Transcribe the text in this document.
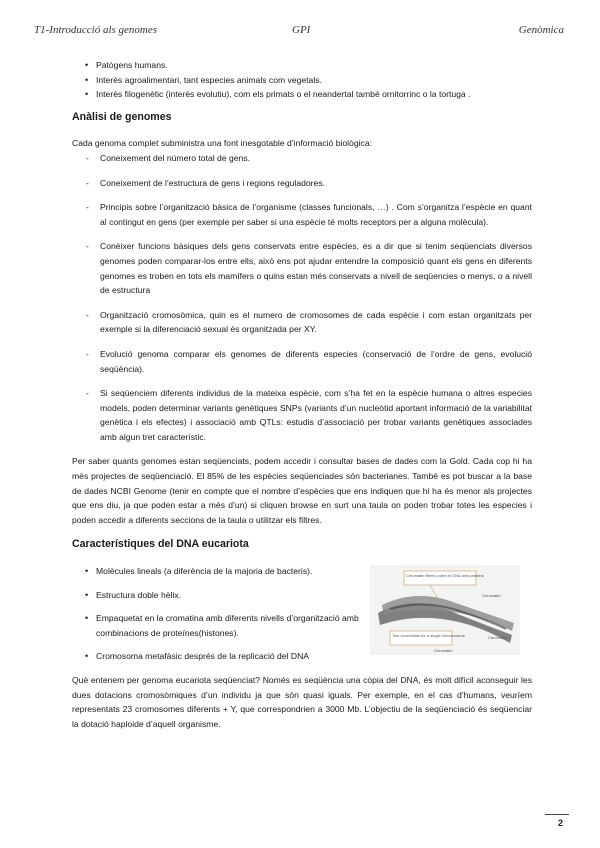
T1-Introducció als genomes	GPI	Genòmica
• Patògens humans.
• Interès agroalimentari, tant especies animals com vegetals.
• Interès filogenètic (interès evolutiu), com els primats o el neandertal també ornitorrinc o la tortuga .
Anàlisi de genomes

Cada genoma complet subministra una font inesgotable d’informació biològica:

- Coneixement del número total de gens.
- Coneixement de l’estructura de gens i regions reguladores.
- Principis sobre l’organització bàsica de l’organisme (classes funcionals, …) . Com s’organitza l’espècie en quant al contingut en gens (per exemple per saber si una espècie té molts receptors per a alguna molècula).
- Conèixer funcions bàsiques dels gens conservats entre espècies, es a dir que si tenim seqüenciats diversos genomes poden comparar-los entre ells, això ens pot ajudar entendre la composició quant els gens en diferents genomes es troben en tots els mamífers o quins estan més conservats a nivell de seqüencies o menys, o a nivell de estructura
- Organització cromosòmica, quin es el numero de cromosomes de cada espècie i com estan organitzats per exemple si la diferenciació sexual és organitzada per XY.
- Evolució genoma comparar els genomes de diferents especies (conservació de l’ordre de gens, evolució seqüència).
- Si seqüenciem diferents individus de la mateixa espècie, com s’ha fet en la espècie humana o altres especies models, poden determinar variants genètiques SNPs (variants d’un nucleòtid aportant informació de la variabilitat genètica i els efectes) i associació amb QTLs: estudis d’associació per trobar variants genètiques associades amb algun tret característic.

Per saber quants genomes estan seqüenciats, podem accedir i consultar bases de dades com la Gold. Cada cop hi ha més projectes de seqüenciació. El 85% de les espècies seqüenciades són bacterianes. També es pot buscar a la base de dades NCBI Genome (tenir en compte que el nombre d’espècies que ens indiquen que hi ha és menor als projectes que ens diu, ja que poden estar a més d’un) si cliquen browse en surt una taula on poden trobar totes les especies i poden accedir a diferents seccions de la taula o utilitzar els filtres.

Característiques del DNA eucariota
• Molècules lineals (a diferència de la majoria de bacteris).
• Estructura doble hèlix.
• Empaquetat en la cromatina amb diferents nivells d’organització amb combinacions de proteïnes(histones).
• Cromosoma metafàsic després de la replicació del DNA
Chromatin fibers coiled in DNA and proteins
Two chromatids for a single chromosome
Chromatid
Chromatid
Chromatid

Què entenem per genoma eucariota seqüenciat? Només es seqüència una còpia del DNA, és molt difícil aconseguir les dues dotacions cromosòmiques d’un individu ja que són quasi iguals. Per exemple, en el cas d’humans, veuríem representats 23 cromosomes diferents + Y, que correspondrien a 3000 Mb. L’objectiu de la seqüenciació és seqüenciar la dotació haploide d’aquell organisme.

2
